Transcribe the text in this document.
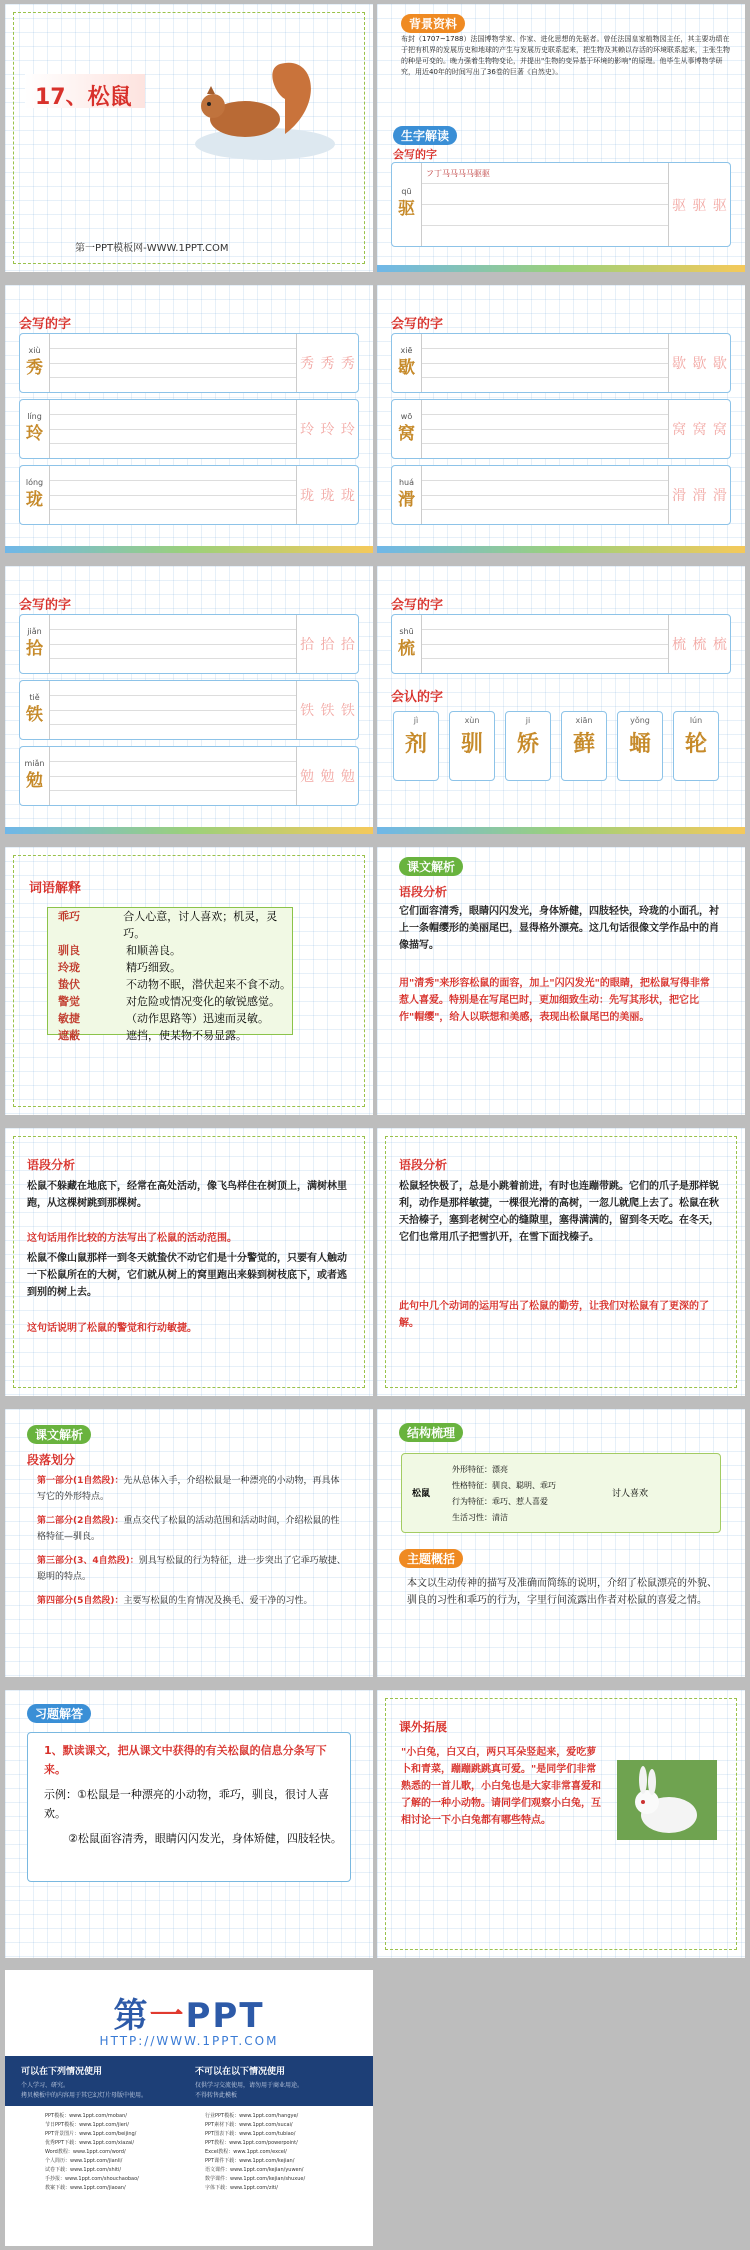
17、松鼠
第一PPT模板网-WWW.1PPT.COM
背景资料
布封（1707~1788）法国博物学家、作家、进化思想的先驱者。曾任法国皇家植物园主任，其主要功绩在于把有机界的发展历史和地球的产生与发展历史联系起来，把生物及其赖以存活的环境联系起来，主张生物的种是可变的。晚力强着生物物变论，并提出"生物的变异基于环境的影响"的原理。他毕生从事博物学研究，用近40年的时间写出了36卷的巨著《自然史》。
生字解读
会写的字
qū
驱
フ丁马马马马驱驱
驱 驱 驱
会写的字
xiù
秀	秀 秀 秀
líng
玲	玲 玲 玲
lóng
珑	珑 珑 珑
会写的字
xiē
歇	歇 歇 歇
wō
窝	窝 窝 窝
huá
滑	滑 滑 滑
会写的字
jiǎn
拾	拾 拾 拾
tiě
铁	铁 铁 铁
miǎn
勉	勉 勉 勉
会写的字
shū
梳	梳 梳 梳
会认的字
jì
剂
xùn
驯
ji
矫
xiān
藓
yǒng
蛹
lún
轮
词语解释
乖巧	合人心意，讨人喜欢；机灵，灵巧。
驯良	和顺善良。
玲珑	精巧细致。
蛰伏	不动物不眠，潜伏起来不食不动。
警觉	对危险或情况变化的敏锐感觉。
敏捷	（动作思路等）迅速而灵敏。
遮蔽	遮挡，使某物不易显露。
课文解析
语段分析
它们面容清秀，眼睛闪闪发光，身体矫健，四肢轻快，玲珑的小面孔，衬上一条帽缨形的美丽尾巴，显得格外漂亮。这几句话很像文学作品中的肖像描写。
用"清秀"来形容松鼠的面容，加上"闪闪发光"的眼睛，把松鼠写得非常惹人喜爱。特别是在写尾巴时，更加细致生动：先写其形状，把它比作"帽缨"，给人以联想和美感，表现出松鼠尾巴的美丽。
语段分析
松鼠不躲藏在地底下，经常在高处活动，像飞鸟样住在树顶上，满树林里跑，从这棵树跳到那棵树。
这句话用作比较的方法写出了松鼠的活动范围。
松鼠不像山鼠那样一到冬天就蛰伏不动它们是十分警觉的，只要有人触动一下松鼠所在的大树，它们就从树上的窝里跑出来躲到树枝底下，或者逃到别的树上去。
这句话说明了松鼠的警觉和行动敏捷。
语段分析
松鼠轻快极了，总是小跳着前进，有时也连蹦带跳。它们的爪子是那样锐利，动作是那样敏捷，一棵很光滑的高树，一忽儿就爬上去了。松鼠在秋天拾榛子，塞到老树空心的缝隙里，塞得满满的，留到冬天吃。在冬天，它们也常用爪子把雪扒开，在雪下面找榛子。
此句中几个动词的运用写出了松鼠的勤劳，让我们对松鼠有了更深的了解。
课文解析
段落划分
第一部分(1自然段)：先从总体入手，介绍松鼠是一种漂亮的小动物，再具体写它的外形特点。
第二部分(2自然段)：重点交代了松鼠的活动范围和活动时间，介绍松鼠的性格特征—驯良。
第三部分(3、4自然段)：别具写松鼠的行为特征，进一步突出了它乖巧敏捷、聪明的特点。
第四部分(5自然段)：主要写松鼠的生育情况及换毛、爱干净的习性。
结构梳理
松鼠
外形特征：漂亮
性格特征：驯良、聪明、乖巧
行为特征：乖巧、惹人喜爱
生活习性：清洁
讨人喜欢
主题概括
本文以生动传神的描写及准确而简练的说明，介绍了松鼠漂亮的外貌、驯良的习性和乖巧的行为，字里行间流露出作者对松鼠的喜爱之情。
习题解答
1、默读课文，把从课文中获得的有关松鼠的信息分条写下来。
示例：①松鼠是一种漂亮的小动物，乖巧，驯良，很讨人喜欢。
②松鼠面容清秀，眼睛闪闪发光，身体矫健，四肢轻快。
课外拓展
"小白兔，白又白，两只耳朵竖起来，爱吃萝卜和青菜，蹦蹦跳跳真可爱。"是同学们非常熟悉的一首儿歌，小白兔也是大家非常喜爱和了解的一种小动物。请同学们观察小白兔，互相讨论一下小白兔都有哪些特点。
第一PPT
HTTP://WWW.1PPT.COM
可以在下列情况使用
个人学习、研究。
拷贝模板中的内容用于其它幻灯片母版中使用。
不可以在以下情况使用
仅供学习交流使用，请勿用于商业用途。
不得转售此模板
PPT模板：www.1ppt.com/moban/
节日PPT模板：www.1ppt.com/jieri/
PPT背景图片：www.1ppt.com/beijing/
优秀PPT下载：www.1ppt.com/xiazai/
Word教程：www.1ppt.com/word/
个人简历：www.1ppt.com/jianli/
试卷下载：www.1ppt.com/shiti/
手抄报：www.1ppt.com/shouchaobao/
教案下载：www.1ppt.com/jiaoan/
行业PPT模板：www.1ppt.com/hangye/
PPT素材下载：www.1ppt.com/sucai/
PPT图表下载：www.1ppt.com/tubiao/
PPT教程：www.1ppt.com/powerpoint/
Excel教程：www.1ppt.com/excel/
PPT课件下载：www.1ppt.com/kejian/
语文课件：www.1ppt.com/kejian/yuwen/
数学课件：www.1ppt.com/kejian/shuxue/
字体下载：www.1ppt.com/ziti/
